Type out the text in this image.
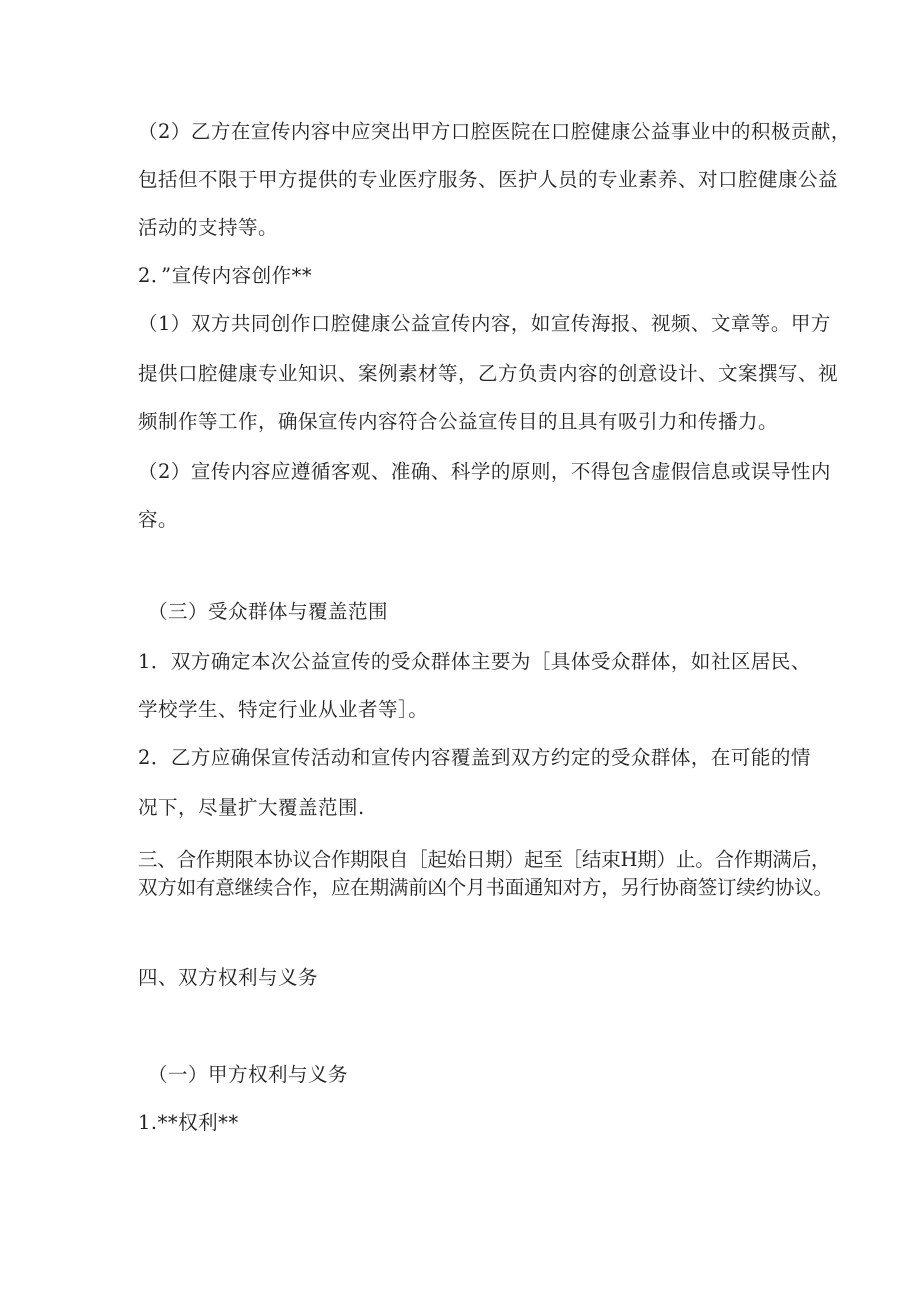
（2）乙方在宣传内容中应突出甲方口腔医院在口腔健康公益事业中的积极贡献，
包括但不限于甲方提供的专业医疗服务、医护人员的专业素养、对口腔健康公益
活动的支持等。
2．”宣传内容创作**
（1）双方共同创作口腔健康公益宣传内容，如宣传海报、视频、文章等。甲方
提供口腔健康专业知识、案例素材等，乙方负责内容的创意设计、文案撰写、视
频制作等工作，确保宣传内容符合公益宣传目的且具有吸引力和传播力。
（2）宣传内容应遵循客观、准确、科学的原则，不得包含虚假信息或误导性内
容。
（三）受众群体与覆盖范围
1．双方确定本次公益宣传的受众群体主要为［具体受众群体，如社区居民、
学校学生、特定行业从业者等］。
2．乙方应确保宣传活动和宣传内容覆盖到双方约定的受众群体，在可能的情
况下，尽量扩大覆盖范围.
三、合作期限本协议合作期限自［起始日期）起至［结束H期）止。合作期满后，
双方如有意继续合作，应在期满前凶个月书面通知对方，另行协商签订续约协议。
四、双方权利与义务
（一）甲方权利与义务
1.**权利**
